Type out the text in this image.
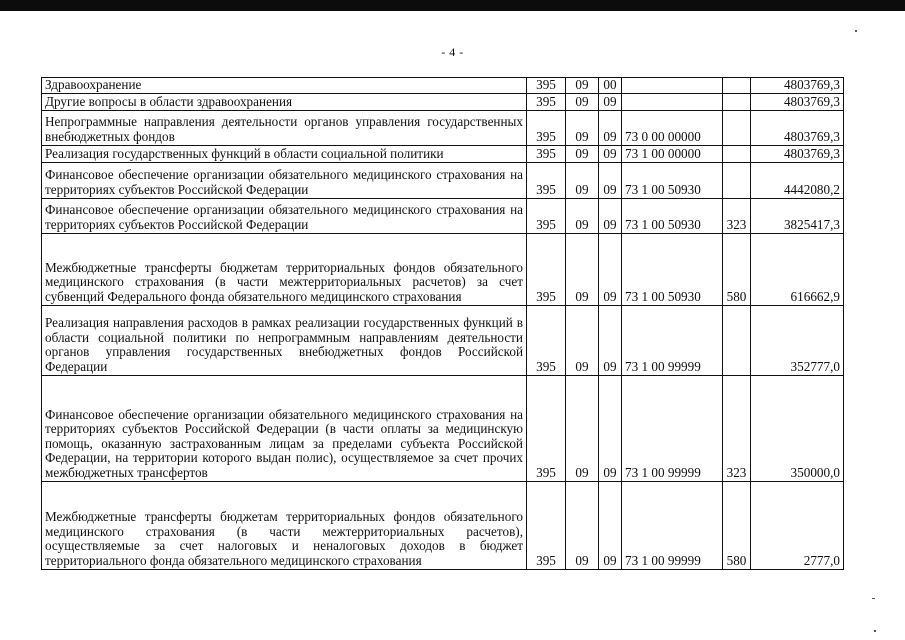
- 4 -
Здравоохранение	395	09	00			4803769,3
Другие вопросы в области здравоохранения	395	09	09			4803769,3
Непрограммные направления деятельности органов управления государственных внебюджетных фондов	395	09	09	73 0 00 00000		4803769,3
Реализация государственных функций в области социальной политики	395	09	09	73 1 00 00000		4803769,3
Финансовое обеспечение организации обязательного медицинского страхования на территориях субъектов Российской Федерации	395	09	09	73 1 00 50930		4442080,2
Финансовое обеспечение организации обязательного медицинского страхования на территориях субъектов Российской Федерации	395	09	09	73 1 00 50930	323	3825417,3
Межбюджетные трансферты бюджетам территориальных фондов обязательного медицинского страхования (в части межтерриториальных расчетов) за счет субвенций Федерального фонда обязательного медицинского страхования	395	09	09	73 1 00 50930	580	616662,9
Реализация направления расходов в рамках реализации государственных функций в области социальной политики по непрограммным направлениям деятельности органов управления государственных внебюджетных фондов Российской Федерации	395	09	09	73 1 00 99999		352777,0
Финансовое обеспечение организации обязательного медицинского страхования на территориях субъектов Российской Федерации (в части оплаты за медицинскую помощь, оказанную застрахованным лицам за пределами субъекта Российской Федерации, на территории которого выдан полис), осуществляемое за счет прочих межбюджетных трансфертов	395	09	09	73 1 00 99999	323	350000,0
Межбюджетные трансферты бюджетам территориальных фондов обязательного медицинского страхования (в части межтерриториальных расчетов), осуществляемые за счет налоговых и неналоговых доходов в бюджет территориального фонда обязательного медицинского страхования	395	09	09	73 1 00 99999	580	2777,0
